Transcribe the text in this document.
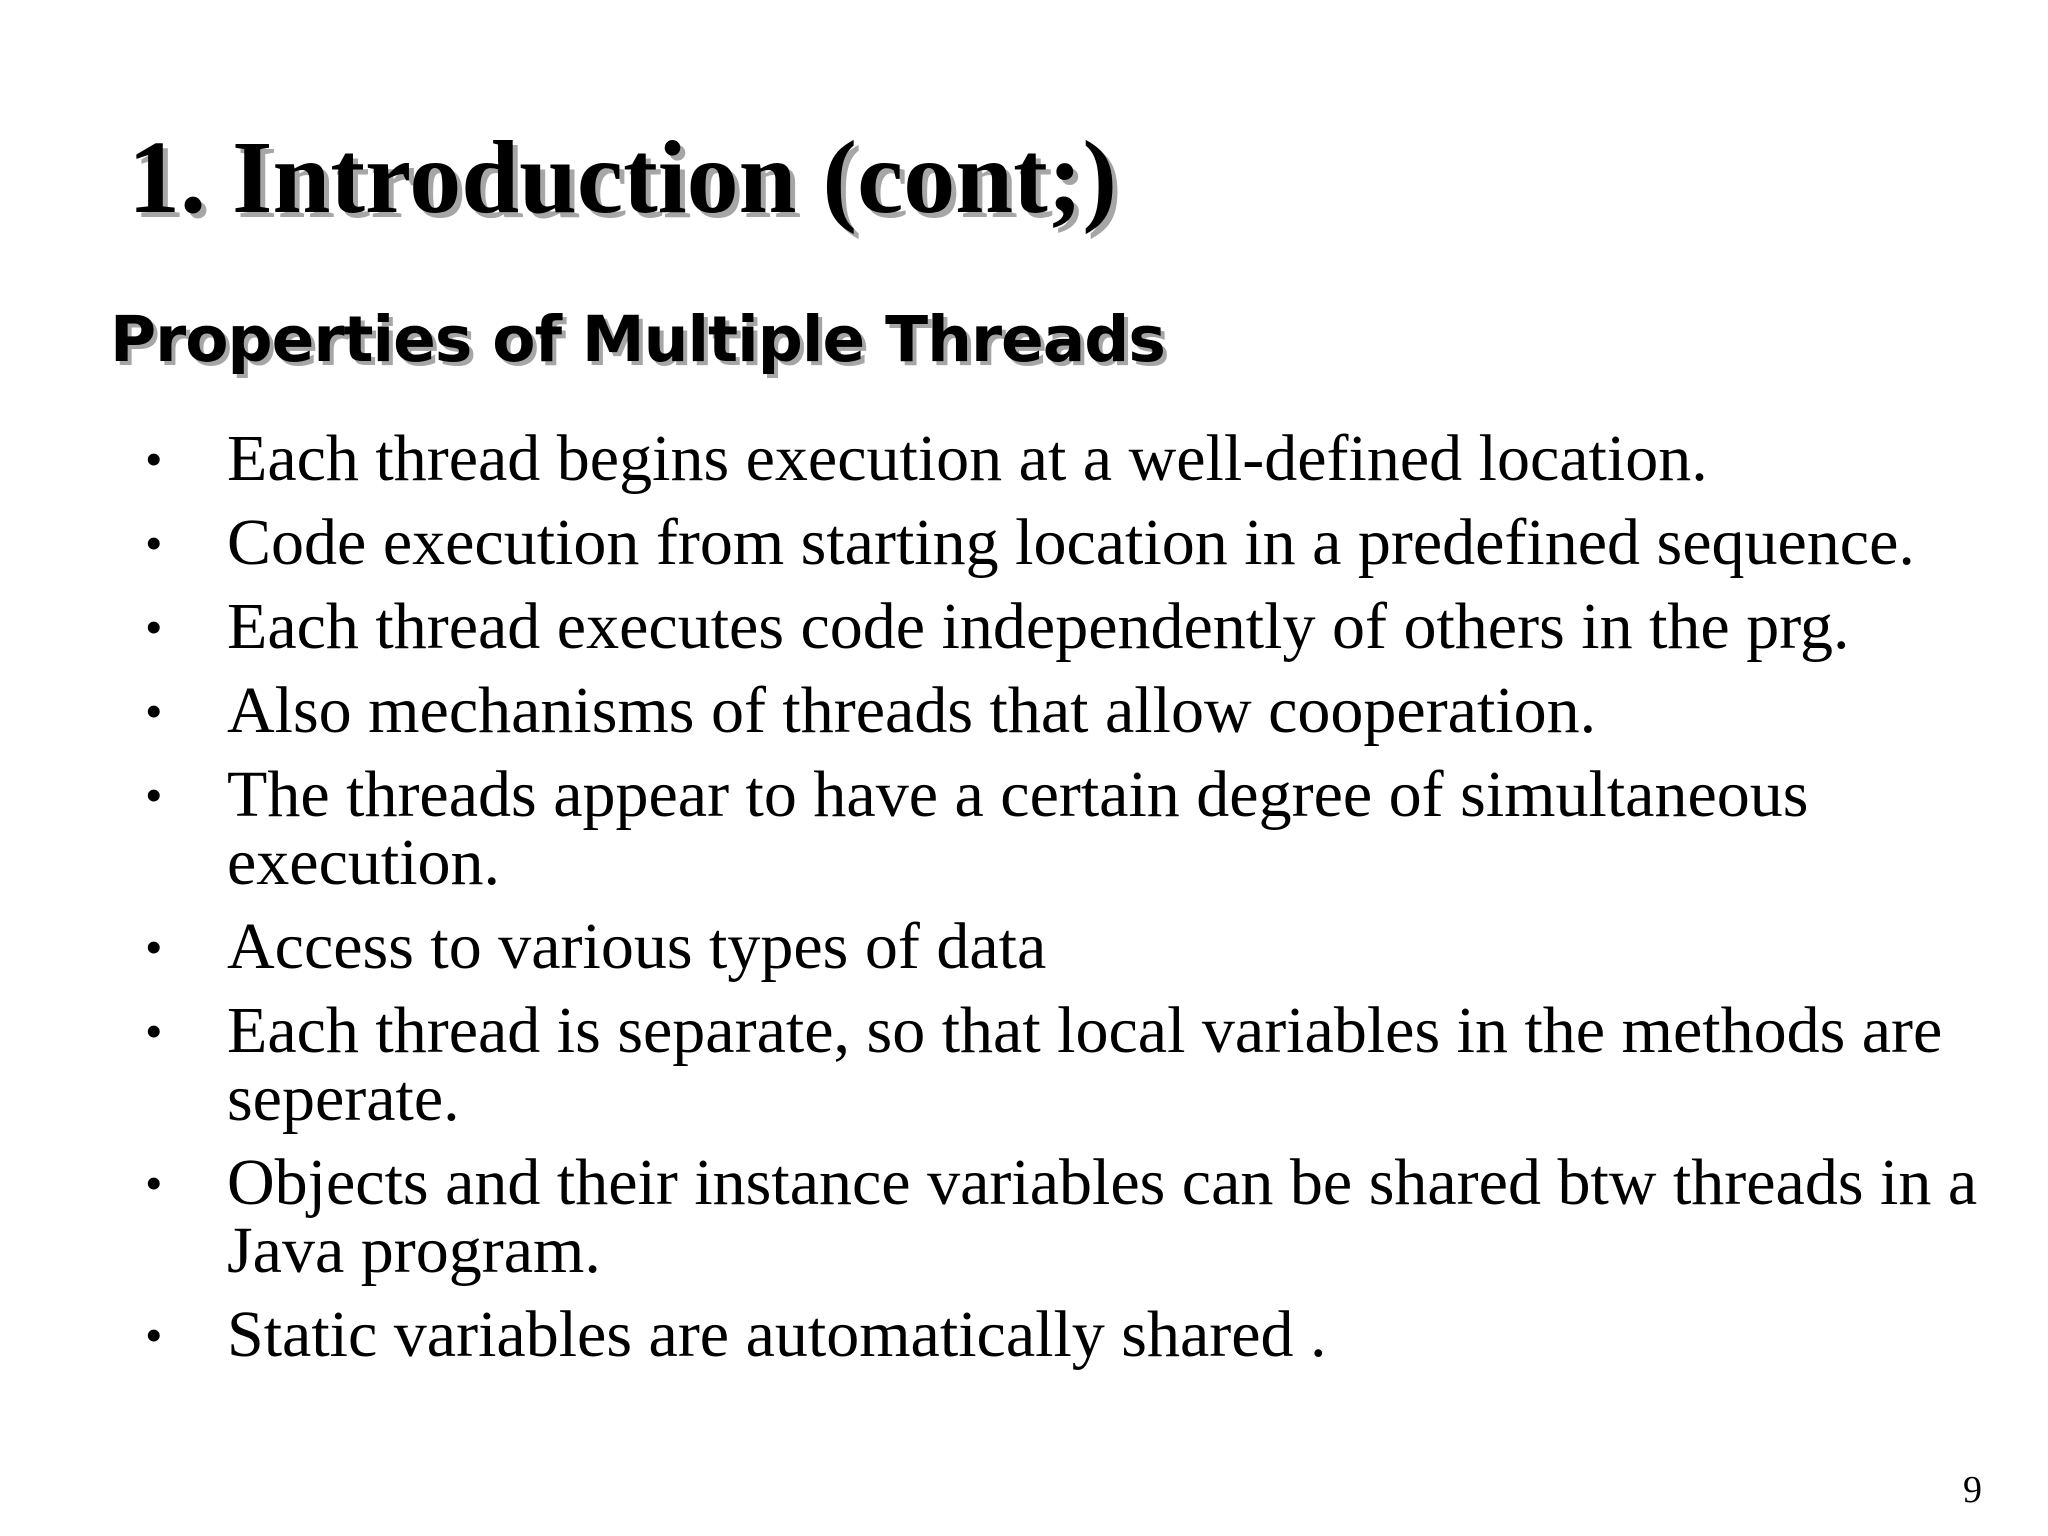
1. Introduction (cont;)
Properties of Multiple Threads
• Each thread begins execution at a well-defined location.
• Code execution from starting location in a predefined sequence.
• Each thread executes code independently of others in the prg.
• Also mechanisms of threads that allow cooperation.
• The threads appear to have a certain degree of simultaneous execution.
• Access to various types of data
• Each thread is separate, so that local variables in the methods are seperate.
• Objects and their instance variables can be shared btw threads in a Java program.
• Static variables are automatically shared .
9
